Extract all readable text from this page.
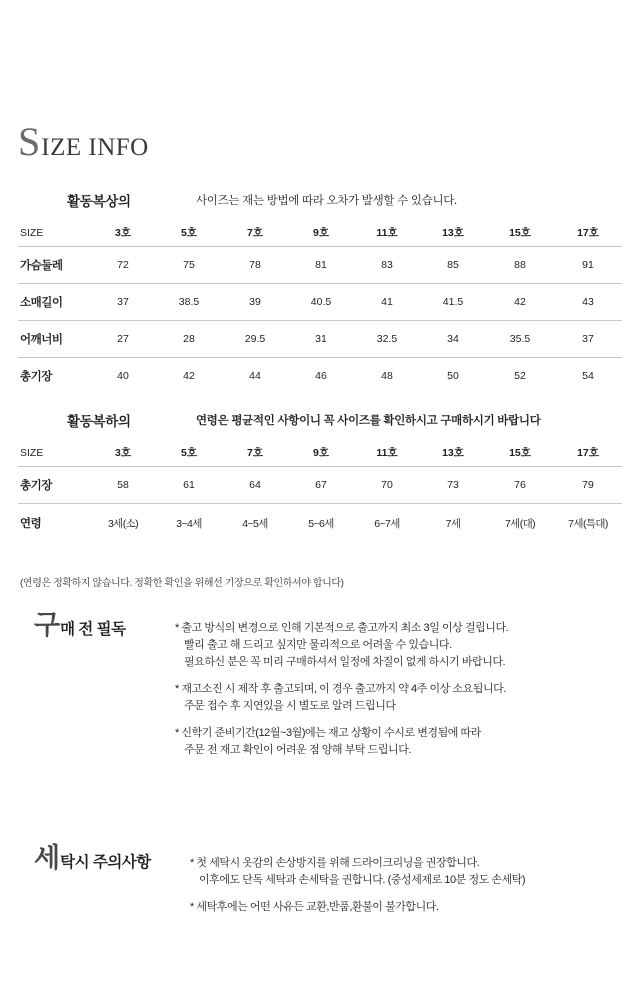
S IZE INFO
활동복상의	사이즈는 재는 방법에 따라 오차가 발생할 수 있습니다.
SIZE	3호	5호	7호	9호	11호	13호	15호	17호
가슴둘레	72	75	78	81	83	85	88	91
소매길이	37	38.5	39	40.5	41	41.5	42	43
어깨너비	27	28	29.5	31	32.5	34	35.5	37
총기장	40	42	44	46	48	50	52	54
활동복하의	연령은 평균적인 사항이니 꼭 사이즈를 확인하시고 구매하시기 바랍니다
SIZE	3호	5호	7호	9호	11호	13호	15호	17호
총기장	58	61	64	67	70	73	76	79
연령	3세(소)	3~4세	4~5세	5~6세	6~7세	7세	7세(대)	7세(특대)
(연령은 정확하지 않습니다. 정확한 확인을 위해선 기장으로 확인하셔야 합니다)
구 매 전 필독	* 출고 방식의 변경으로 인해 기본적으로 출고까지 최소 3일 이상 걸립니다.

빨리 출고 해 드리고 싶지만 물리적으로 어려울 수 있습니다.

필요하신 분은 꼭 미리 구매하셔서 일정에 차질이 없게 하시기 바랍니다.

* 재고소진 시 제작 후 출고되며, 이 경우 출고까지 약 4주 이상 소요됩니다.

주문 접수 후 지연있을 시 별도로 알려 드립니다

* 신학기 준비기간(12월~3월)에는 재고 상황이 수시로 변경됨에 따라

주문 전 재고 확인이 어려운 점 양해 부탁 드립니다.

세 탁시 주의사항	* 첫 세탁시 옷감의 손상방지를 위해 드라이크리닝을 권장합니다.

이후에도 단독 세탁과 손세탁을 권합니다. (중성세제로 10분 정도 손세탁)

* 세탁후에는 어떤 사유든 교환,반품,환불이 불가합니다.
